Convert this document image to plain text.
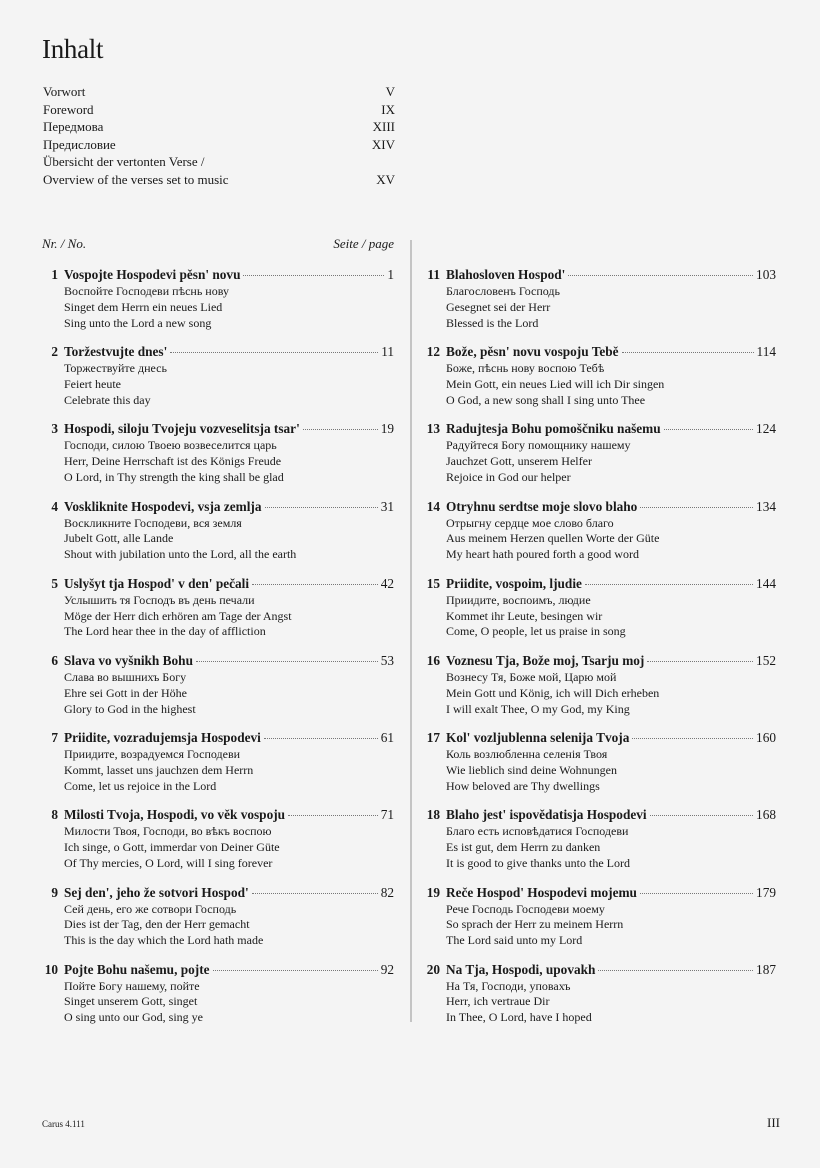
Inhalt
Vorwort	V
Foreword	IX
Передмова	XIII
Предисловие	XIV
Übersicht der vertonten Verse /
Overview of the verses set to music	XV
Nr. / No.	Seite / page
1 Vospojte Hospodevi pěsn' novu	1
Воспойте Господеви пѣснь нову
Singet dem Herrn ein neues Lied
Sing unto the Lord a new song
2 Toržestvujte dnes'	11
Торжествуйте днесь
Feiert heute
Celebrate this day
3 Hospodi, siloju Tvojeju vozveselitsja tsar'	19
Господи, силою Твоею возвеселится царь
Herr, Deine Herrschaft ist des Königs Freude
O Lord, in Thy strength the king shall be glad
4 Voskliknite Hospodevi, vsja zemlja	31
Воскликните Господеви, вся земля
Jubelt Gott, alle Lande
Shout with jubilation unto the Lord, all the earth
5 Uslyšyt tja Hospod' v den' pečali	42
Услышить тя Господъ въ день печали
Möge der Herr dich erhören am Tage der Angst
The Lord hear thee in the day of affliction
6 Slava vo vyšnikh Bohu	53
Слава во вышнихъ Богу
Ehre sei Gott in der Höhe
Glory to God in the highest
7 Priidite, vozradujemsja Hospodevi	61
Приидите, возрадуемся Господеви
Kommt, lasset uns jauchzen dem Herrn
Come, let us rejoice in the Lord
8 Milosti Tvoja, Hospodi, vo věk vospoju	71
Милости Твоя, Господи, во вѣкъ воспою
Ich singe, o Gott, immerdar von Deiner Güte
Of Thy mercies, O Lord, will I sing forever
9 Sej den', jeho že sotvori Hospod'	82
Сей день, его же сотвори Господь
Dies ist der Tag, den der Herr gemacht
This is the day which the Lord hath made
10 Pojte Bohu našemu, pojte	92
Пойте Богу нашему, пойте
Singet unserem Gott, singet
O sing unto our God, sing ye
11 Blahosloven Hospod'	103
Благословенъ Господь
Gesegnet sei der Herr
Blessed is the Lord
12 Bože, pěsn' novu vospoju Tebě	114
Боже, пѣснь нову воспою Тебѣ
Mein Gott, ein neues Lied will ich Dir singen
O God, a new song shall I sing unto Thee
13 Radujtesja Bohu pomoščniku našemu	124
Радуйтеся Богу помощнику нашему
Jauchzet Gott, unserem Helfer
Rejoice in God our helper
14 Otryhnu serdtse moje slovo blaho	134
Отрыгну сердце мое слово благо
Aus meinem Herzen quellen Worte der Güte
My heart hath poured forth a good word
15 Priidite, vospoim, ljudie	144
Приидите, воспоимъ, людие
Kommet ihr Leute, besingen wir
Come, O people, let us praise in song
16 Voznesu Tja, Bože moj, Tsarju moj	152
Вознесу Тя, Боже мой, Царю мой
Mein Gott und König, ich will Dich erheben
I will exalt Thee, O my God, my King
17 Kol' vozljublenna selenija Tvoja	160
Коль возлюбленна селенія Твоя
Wie lieblich sind deine Wohnungen
How beloved are Thy dwellings
18 Blaho jest' ispovědatisja Hospodevi	168
Благо есть исповѣдатися Господеви
Es ist gut, dem Herrn zu danken
It is good to give thanks unto the Lord
19 Reče Hospod' Hospodevi mojemu	179
Рече Господь Господеви моему
So sprach der Herr zu meinem Herrn
The Lord said unto my Lord
20 Na Tja, Hospodi, upovakh	187
На Тя, Господи, уповахъ
Herr, ich vertraue Dir
In Thee, O Lord, have I hoped
Carus 4.111	III
